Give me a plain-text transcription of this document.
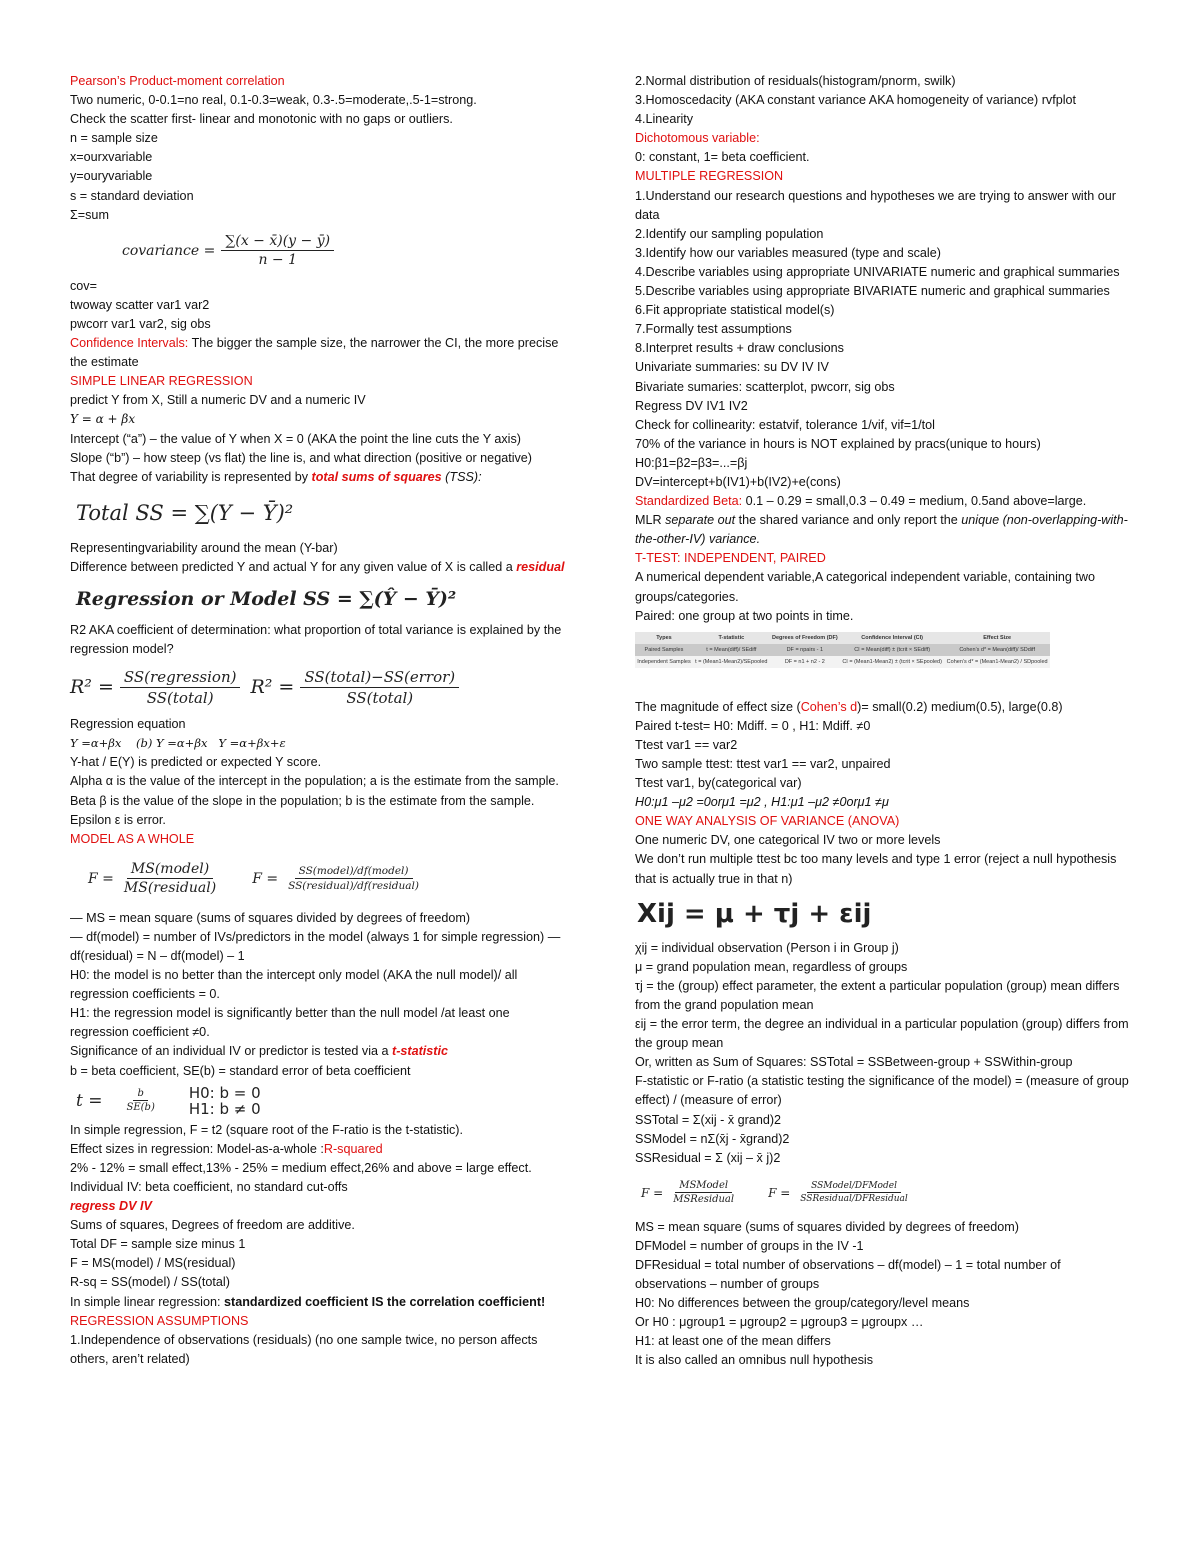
Pearson’s Product-moment correlation

Two numeric, 0-0.1=no real, 0.1-0.3=weak, 0.3-.5=moderate,.5-1=strong.

Check the scatter first- linear and monotonic with no gaps or outliers.

n = sample size

x=ourxvariable

y=ouryvariable

s = standard deviation

Σ=sum

covariance = $\frac{\sum(x - x̄)(y - ȳ)}{n - 1}$

cov=

twoway scatter var1 var2

pwcorr var1 var2, sig obs

Confidence Intervals: The bigger the sample size, the narrower the CI, the more precise the estimate

SIMPLE LINEAR REGRESSION

predict Y from X, Still a numeric DV and a numeric IV

Y = α + βx

Intercept (“a”) – the value of Y when X = 0 (AKA the point the line cuts the Y axis)

Slope (“b”) – how steep (vs flat) the line is, and what direction (positive or negative)

That degree of variability is represented by total sums of squares (TSS):

Total SS = ∑(Y − Ȳ)²

Representingvariability around the mean (Y-bar)

Difference between predicted Y and actual Y for any given value of X is called a residual

Regression or Model SS = ∑(Ŷ − Ȳ)²

R2 AKA coefficient of determination: what proportion of total variance is explained by the regression model?

$R^2 = \frac{\text{SS(regression)}}{\text{SS(total)}} R^2 = \frac{\text{SS(total)−SS(error)}}{\text{SS(total)}}$

Regression equation

Y =α+βx    (b) Y =α+βx   Y =α+βx+ε

Y-hat / E(Y) is predicted or expected Y score.

Alpha α is the value of the intercept in the population; a is the estimate from the sample.

Beta β is the value of the slope in the population; b is the estimate from the sample.

Epsilon ε is error.

MODEL AS A WHOLE

$F = \frac{\text{MS(model)}}{\text{MS(residual)}}$ $F = \frac{\text{SS(model)/df(model)}}{\text{SS(residual)/df(residual)}}$

— MS = mean square (sums of squares divided by degrees of freedom)

— df(model) = number of IVs/predictors in the model (always 1 for simple regression) — df(residual) = N – df(model) – 1

H0: the model is no better than the intercept only model (AKA the null model)/ all regression coefficients = 0.

H1: the regression model is significantly better than the null model /at least one regression coefficient ≠0.

Significance of an individual IV or predictor is tested via a t-statistic

b = beta coefficient, SE(b) = standard error of beta coefficient

$t = \frac{b}{SE(b)} H0$: b = 0
H1: b ≠ 0

In simple regression, F = t2 (square root of the F-ratio is the t-statistic).

Effect sizes in regression: Model-as-a-whole :R-squared

2% - 12% = small effect,13% - 25% = medium effect,26% and above = large effect.

Individual IV: beta coefficient, no standard cut-offs

regress DV IV

Sums of squares, Degrees of freedom are additive.

Total DF = sample size minus 1

F = MS(model) / MS(residual)

R-sq = SS(model) / SS(total)

In simple linear regression: standardized coefficient IS the correlation coefficient!

REGRESSION ASSUMPTIONS

1.Independence of observations (residuals) (no one sample twice, no person affects others, aren’t related)

2.Normal distribution of residuals(histogram/pnorm, swilk)

3.Homoscedacity (AKA constant variance AKA homogeneity of variance) rvfplot

4.Linearity

Dichotomous variable:

0: constant, 1= beta coefficient.

MULTIPLE REGRESSION

1.Understand our research questions and hypotheses we are trying to answer with our data

2.Identify our sampling population

3.Identify how our variables measured (type and scale)

4.Describe variables using appropriate UNIVARIATE numeric and graphical summaries

5.Describe variables using appropriate BIVARIATE numeric and graphical summaries

6.Fit appropriate statistical model(s)

7.Formally test assumptions

8.Interpret results + draw conclusions

Univariate summaries: su DV IV IV

Bivariate sumaries: scatterplot, pwcorr, sig obs

Regress DV IV1 IV2

Check for collinearity: estatvif, tolerance 1/vif, vif=1/tol

70% of the variance in hours is NOT explained by pracs(unique to hours)

H0:β1=β2=β3=...=βj

DV=intercept+b(IV1)+b(IV2)+e(cons)

Standardized Beta: 0.1 – 0.29 = small,0.3 – 0.49 = medium, 0.5and above=large.

MLR separate out the shared variance and only report the unique (non-overlapping-with-the-other-IV) variance.

T-TEST: INDEPENDENT, PAIRED

A numerical dependent variable,A categorical independent variable, containing two groups/categories.

Paired: one group at two points in time.

Types	T-statistic	Degrees of Freedom (DF)	Confidence Interval (CI)	Effect Size
Paired Samples	t = Mean(diff)/ SEdiff	DF = npairs - 1	CI = Mean(diff) ± (tcrit × SEdiff)	Cohen’s d* = Mean(diff)/ SDdiff
Independent Samples	t = (Mean1-Mean2)/SEpooled	DF = n1 + n2 - 2	CI = (Mean1-Mean2) ± (tcrit × SEpooled)	Cohen’s d* = (Mean1-Mean2) / SDpooled

The magnitude of effect size (Cohen’s d)= small(0.2) medium(0.5), large(0.8)

Paired t-test= H0: Mdiff. = 0 , H1: Mdiff. ≠0

Ttest var1 == var2

Two sample ttest: ttest var1 == var2, unpaired

Ttest var1, by(categorical var)

H0:μ1 –μ2 =0orμ1 =μ2 , H1:μ1 –μ2 ≠0orμ1 ≠μ

ONE WAY ANALYSIS OF VARIANCE (ANOVA)

One numeric DV, one categorical IV two or more levels

We don’t run multiple ttest bc too many levels and type 1 error (reject a null hypothesis that is actually true in that n)

Xij = μ + τj + εij

χij = individual observation (Person i in Group j)

μ = grand population mean, regardless of groups

τj = the (group) effect parameter, the extent a particular population (group) mean differs from the grand population mean

εij = the error term, the degree an individual in a particular population (group) differs from the group mean

Or, written as Sum of Squares: SSTotal = SSBetween-group + SSWithin-group

F-statistic or F-ratio (a statistic testing the significance of the model) = (measure of group effect) / (measure of error)

SSTotal = Σ(xij - x̄ grand)2

SSModel = nΣ(x̄j - x̄grand)2

SSResidual = Σ (xij – x̄ j)2

$F = \frac{\text{MSModel}}{\text{MSResidual}}$	$F = \frac{\text{SSModel/DFModel}}{\text{SSResidual/DFResidual}}$

MS = mean square (sums of squares divided by degrees of freedom)

DFModel = number of groups in the IV -1

DFResidual = total number of observations – df(model) – 1 = total number of observations – number of groups

H0: No differences between the group/category/level means

Or H0 : μgroup1 = μgroup2 = μgroup3 = μgroupx …

H1: at least one of the mean differs

It is also called an omnibus null hypothesis
